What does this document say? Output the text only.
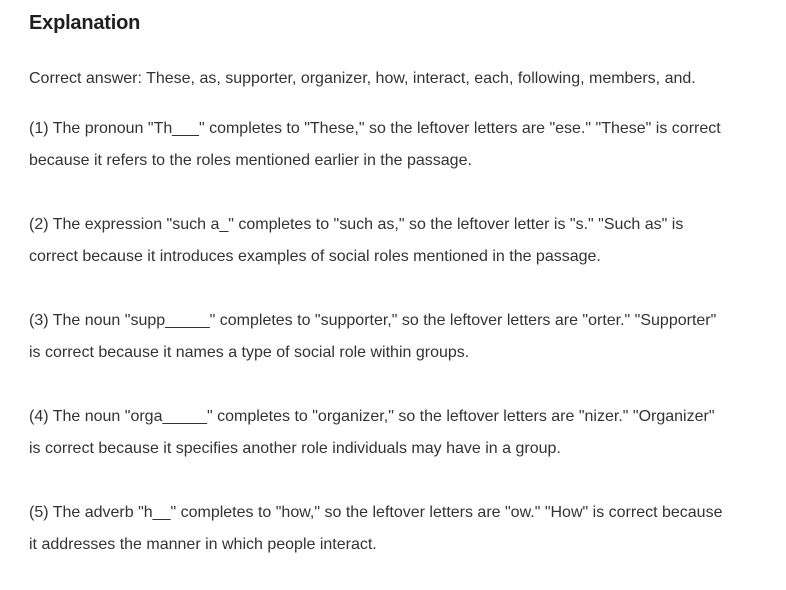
Explanation

Correct answer: These, as, supporter, organizer, how, interact, each, following, members, and.

(1) The pronoun "Th___" completes to "These," so the leftover letters are "ese." "These" is correct because it refers to the roles mentioned earlier in the passage.

(2) The expression "such a_" completes to "such as," so the leftover letter is "s." "Such as" is correct because it introduces examples of social roles mentioned in the passage.

(3) The noun "supp_____" completes to "supporter," so the leftover letters are "orter." "Supporter" is correct because it names a type of social role within groups.

(4) The noun "orga_____" completes to "organizer," so the leftover letters are "nizer." "Organizer" is correct because it specifies another role individuals may have in a group.

(5) The adverb "h__" completes to "how," so the leftover letters are "ow." "How" is correct because it addresses the manner in which people interact.
